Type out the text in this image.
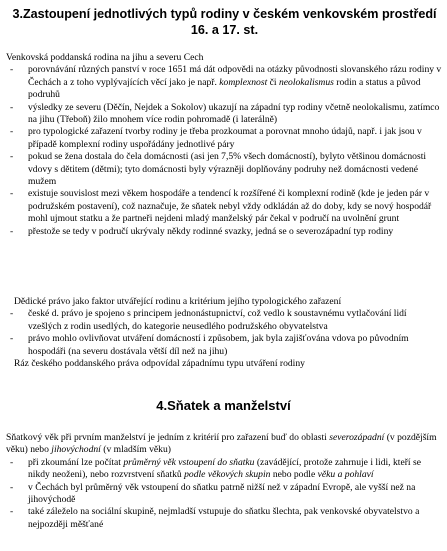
3.Zastoupení jednotlivých typů rodiny v českém venkovském prostředí 16. a 17. st.

Venkovská poddanská rodina na jihu a severu Cech

- porovnávání různých panství v roce 1651 má dát odpovědi na otázky původnosti slovanského rázu rodiny v Čechách a z toho vyplývajících věcí jako je např. komplexnost či neolokalismus rodin a status a původ podruhů
- výsledky ze severu (Děčín, Nejdek a Sokolov) ukazují na západní typ rodiny včetně neolokalismu, zatímco na jihu (Třeboň) žilo mnohem více rodin pohromadě (i laterálně)
- pro typologické zařazení tvorby rodiny je třeba prozkoumat a porovnat mnoho údajů, např. i jak jsou v případě komplexní rodiny uspořádány jednotlivé páry
- pokud se žena dostala do čela domácnosti (asi jen 7,5% všech domácností), bylyto většinou domácnosti vdovy s dětitem (dětmi); tyto domácnosti byly výrazněji doplňovány podruhy než domácnosti vedené mužem
- existuje souvislost mezi věkem hospodáře a tendencí k rozšířené či komplexní rodině (kde je jeden pár v podružském postavení), což naznačuje, že sňatek nebyl vždy odkládán až do doby, kdy se nový hospodář mohl ujmout statku a že partneři nejdeni mladý manželský pár čekal v područí na uvolnění grunt
- přestože se tedy v područí ukrývaly někdy rodinné svazky, jedná se o severozápadní typ rodiny

Dědické právo jako faktor utvářející rodinu a kritérium jejího typologického zařazení

- české d. právo je spojeno s principem jednonástupnictví, což vedlo k soustavnému vytlačování lidí vzešlých z rodin usedlých, do kategorie neusedlého podružského obyvatelstva
- právo mohlo ovlivňovat utváření domácností i způsobem, jak byla zajišťována vdova po původním hospodáři (na severu dostávala větší díl než na jihu)

Ráz českého poddanského práva odpovídal západnímu typu utváření rodiny

4.Sňatek a manželství

Sňatkový věk při prvním manželství je jedním z kritérií pro zařazení buď do oblasti severozápadní (v pozdějším věku) nebo jihovýchodní (v mladším věku)

- při zkoumání lze počítat průměrný věk vstoupení do sňatku (zavádějící, protože zahrnuje i lidi, kteří se nikdy neoženi), nebo rozvrstvení sňatků podle věkových skupin nebo podle věku a pohlaví
- v Čechách byl průměrný věk vstoupení do sňatku patrně nižší než v západní Evropě, ale vyšší než na jihovýchodě
- také záleželo na sociální skupině, nejmladší vstupuje do sňatku šlechta, pak venkovské obyvatelstvo a nejpozději měšťané
